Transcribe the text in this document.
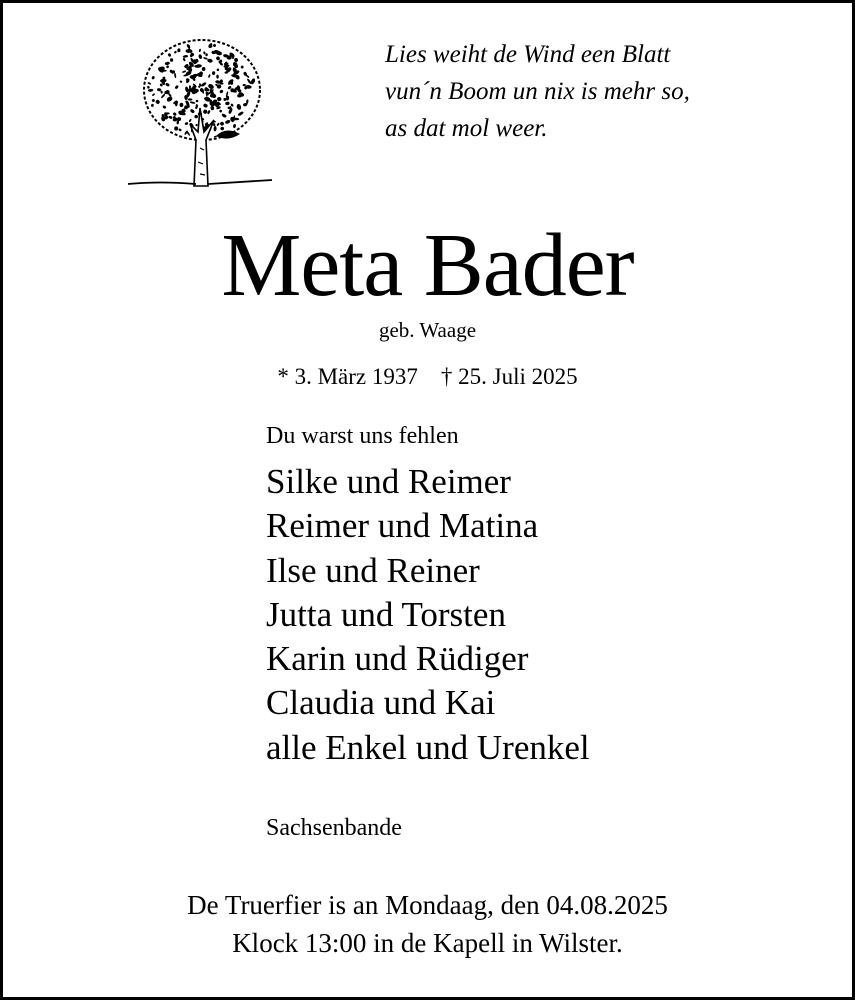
Lies weiht de Wind een Blatt
vun´n Boom un nix is mehr so,
as dat mol weer.
Meta Bader
geb. Waage
* 3. März 1937    † 25. Juli 2025
Du warst uns fehlen
Silke und Reimer
Reimer und Matina
Ilse und Reiner
Jutta und Torsten
Karin und Rüdiger
Claudia und Kai
alle Enkel und Urenkel
Sachsenbande
De Truerfier is an Mondaag, den 04.08.2025
Klock 13:00 in de Kapell in Wilster.
